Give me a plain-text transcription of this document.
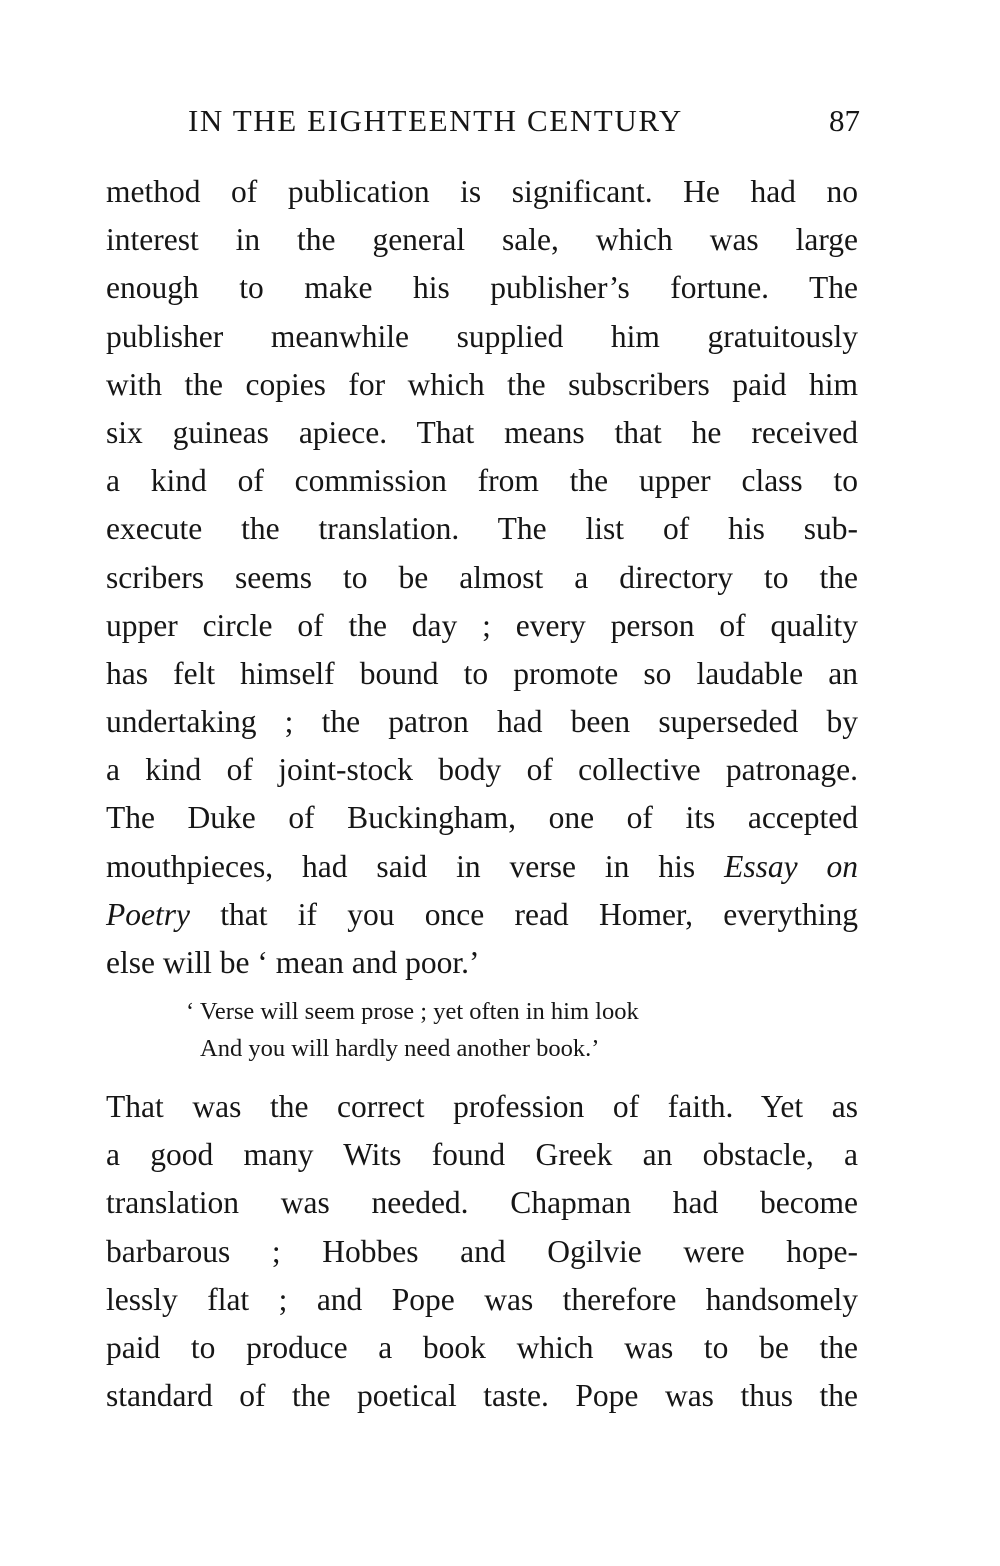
IN THE EIGHTEENTH CENTURY	87
method of publication is significant. He had no
interest in the general sale, which was large
enough to make his publisher’s fortune. The
publisher meanwhile supplied him gratuitously
with the copies for which the subscribers paid him
six guineas apiece. That means that he received
a kind of commission from the upper class to
execute the translation. The list of his sub-
scribers seems to be almost a directory to the
upper circle of the day ; every person of quality
has felt himself bound to promote so laudable an
undertaking ; the patron had been superseded by
a kind of joint-stock body of collective patronage.
The Duke of Buckingham, one of its accepted
mouthpieces, had said in verse in his Essay on
Poetry that if you once read Homer, everything
else will be ‘ mean and poor.’
‘ Verse will seem prose ; yet often in him look
And you will hardly need another book.’
That was the correct profession of faith. Yet as
a good many Wits found Greek an obstacle, a
translation was needed. Chapman had become
barbarous ; Hobbes and Ogilvie were hope-
lessly flat ; and Pope was therefore handsomely
paid to produce a book which was to be the
standard of the poetical taste. Pope was thus the
